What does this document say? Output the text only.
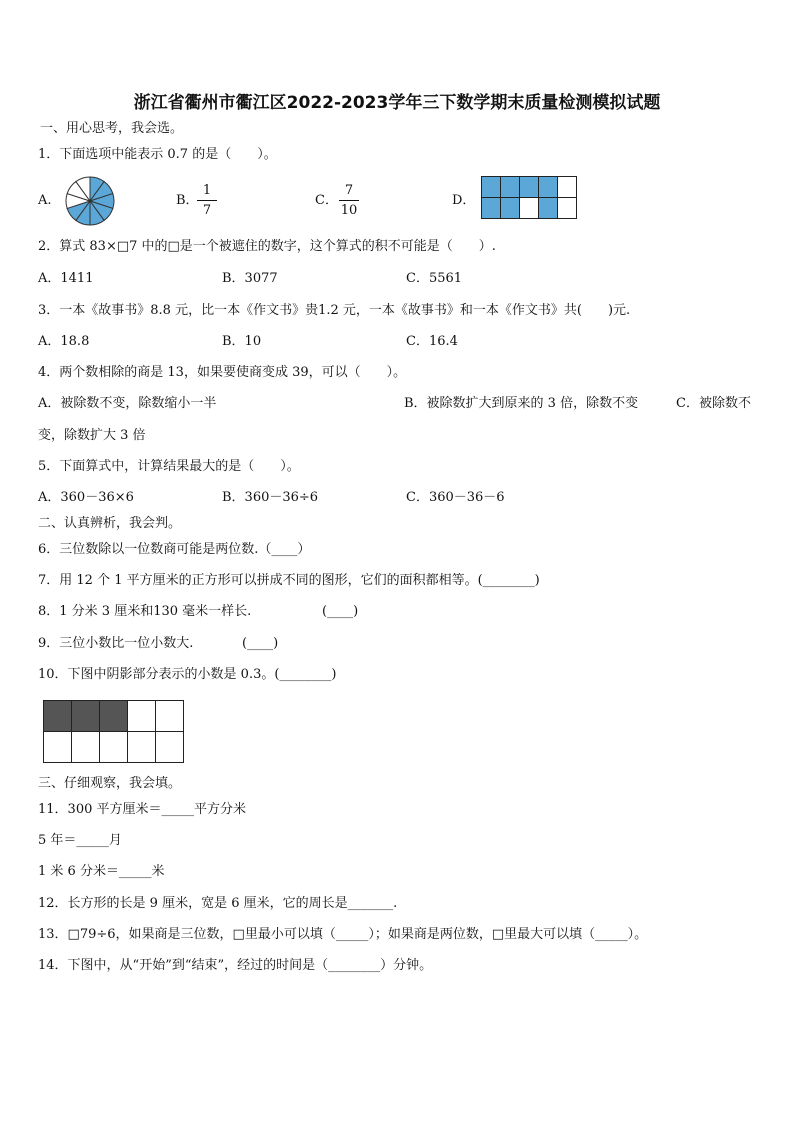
浙江省衢州市衢江区2022-2023学年三下数学期末质量检测模拟试题
一、用心思考，我会选。
1．下面选项中能表示 0.7 的是（　　）。
A.	B．
1
7
C．
7
10
D．

2．算式 83×□7 中的□是一个被遮住的数字，这个算式的积不可能是（　　）.
A．1411	B．3077	C．5561
3．一本《故事书》8.8 元，比一本《作文书》贵1.2 元，一本《故事书》和一本《作文书》共(　　)元.
A．18.8	B．10	C．16.4
4．两个数相除的商是 13，如果要使商变成 39，可以（　　）。
A．被除数不变，除数缩小一半	B．被除数扩大到原来的 3 倍，除数不变	C．被除数不
变，除数扩大 3 倍
5．下面算式中，计算结果最大的是（　　）。
A．360－36×6	B．360－36÷6	C．360－36－6
二、认真辨析，我会判。
6．三位数除以一位数商可能是两位数.（____）
7．用 12 个 1 平方厘米的正方形可以拼成不同的图形，它们的面积都相等。(________)
8．1 分米 3 厘米和130 毫米一样长.	(____)
9．三位小数比一位小数大.	(____)
10．下图中阴影部分表示的小数是 0.3。(________)

三、仔细观察，我会填。
11．300 平方厘米＝_____平方分米
5 年＝_____月
1 米 6 分米＝_____米
12．长方形的长是 9 厘米，宽是 6 厘米，它的周长是_______.
13．□79÷6，如果商是三位数，□里最小可以填（_____）；如果商是两位数，□里最大可以填（_____）。
14．下图中，从“开始”到“结束”，经过的时间是（________）分钟。
